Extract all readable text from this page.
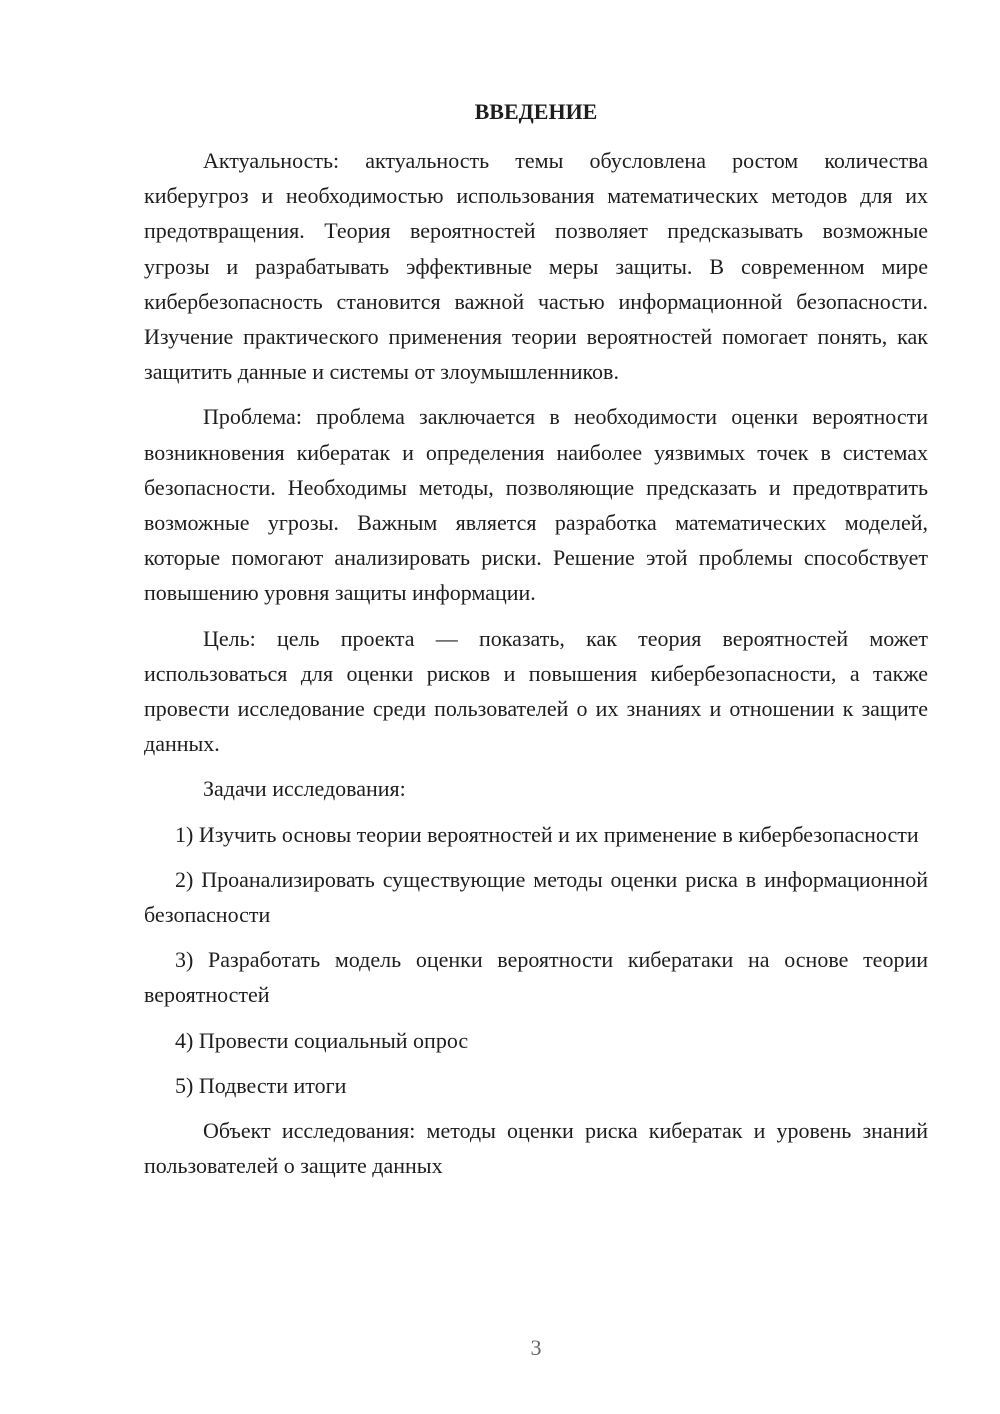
ВВЕДЕНИЕ

Актуальность: актуальность темы обусловлена ростом количества киберугроз и необходимостью использования математических методов для их предотвращения. Теория вероятностей позволяет предсказывать возможные угрозы и разрабатывать эффективные меры защиты. В современном мире кибербезопасность становится важной частью информационной безопасности. Изучение практического применения теории вероятностей помогает понять, как защитить данные и системы от злоумышленников.

Проблема: проблема заключается в необходимости оценки вероятности возникновения кибератак и определения наиболее уязвимых точек в системах безопасности. Необходимы методы, позволяющие предсказать и предотвратить возможные угрозы. Важным является разработка математических моделей, которые помогают анализировать риски. Решение этой проблемы способствует повышению уровня защиты информации.

Цель: цель проекта — показать, как теория вероятностей может использоваться для оценки рисков и повышения кибербезопасности, а также провести исследование среди пользователей о их знаниях и отношении к защите данных.

Задачи исследования:

1) Изучить основы теории вероятностей и их применение в кибербезопасности

2) Проанализировать существующие методы оценки риска в информационной безопасности

3) Разработать модель оценки вероятности кибератаки на основе теории вероятностей

4) Провести социальный опрос

5) Подвести итоги

Объект исследования: методы оценки риска кибератак и уровень знаний пользователей о защите данных

3
